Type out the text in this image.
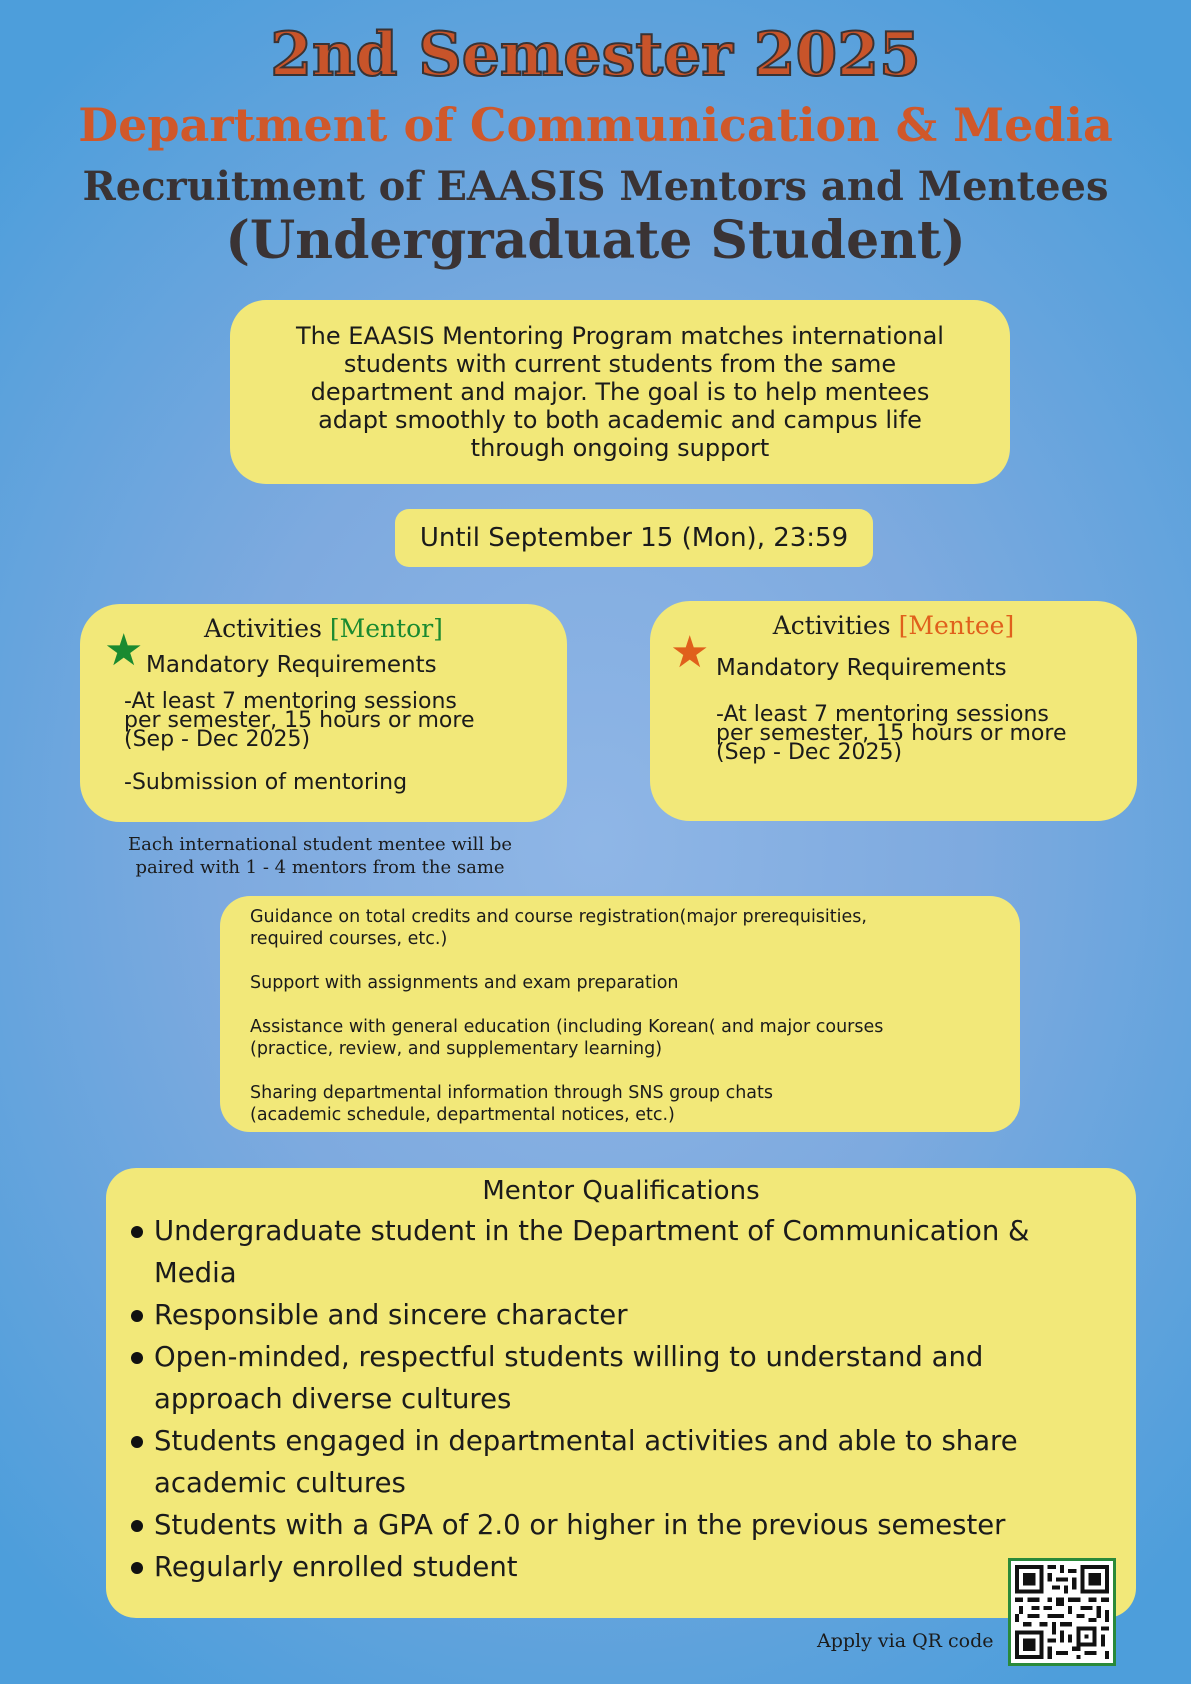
2nd Semester 2025
Department of Communication & Media
Recruitment of EAASIS Mentors and Mentees
(Undergraduate Student)
The EAASIS Mentoring Program matches international
students with current students from the same
department and major. The goal is to help mentees
adapt smoothly to both academic and campus life
through ongoing support
Until September 15 (Mon), 23:59
Activities [Mentor]
★ Mandatory Requirements
-At least 7 mentoring sessions
per semester, 15 hours or more
(Sep - Dec 2025)
-Submission of mentoring
Activities [Mentee]
★ Mandatory Requirements
-At least 7 mentoring sessions
per semester, 15 hours or more
(Sep - Dec 2025)
Each international student mentee will be
paired with 1 - 4 mentors from the same

Guidance on total credits and course registration(major prerequisities,
required courses, etc.)

Support with assignments and exam preparation

Assistance with general education (including Korean( and major courses
(practice, review, and supplementary learning)

Sharing departmental information through SNS group chats
(academic schedule, departmental notices, etc.)

Mentor Qualifications
Undergraduate student in the Department of Communication &
Media
Responsible and sincere character
Open-minded, respectful students willing to understand and
approach diverse cultures
Students engaged in departmental activities and able to share
academic cultures
Students with a GPA of 2.0 or higher in the previous semester
Regularly enrolled student
Apply via QR code
